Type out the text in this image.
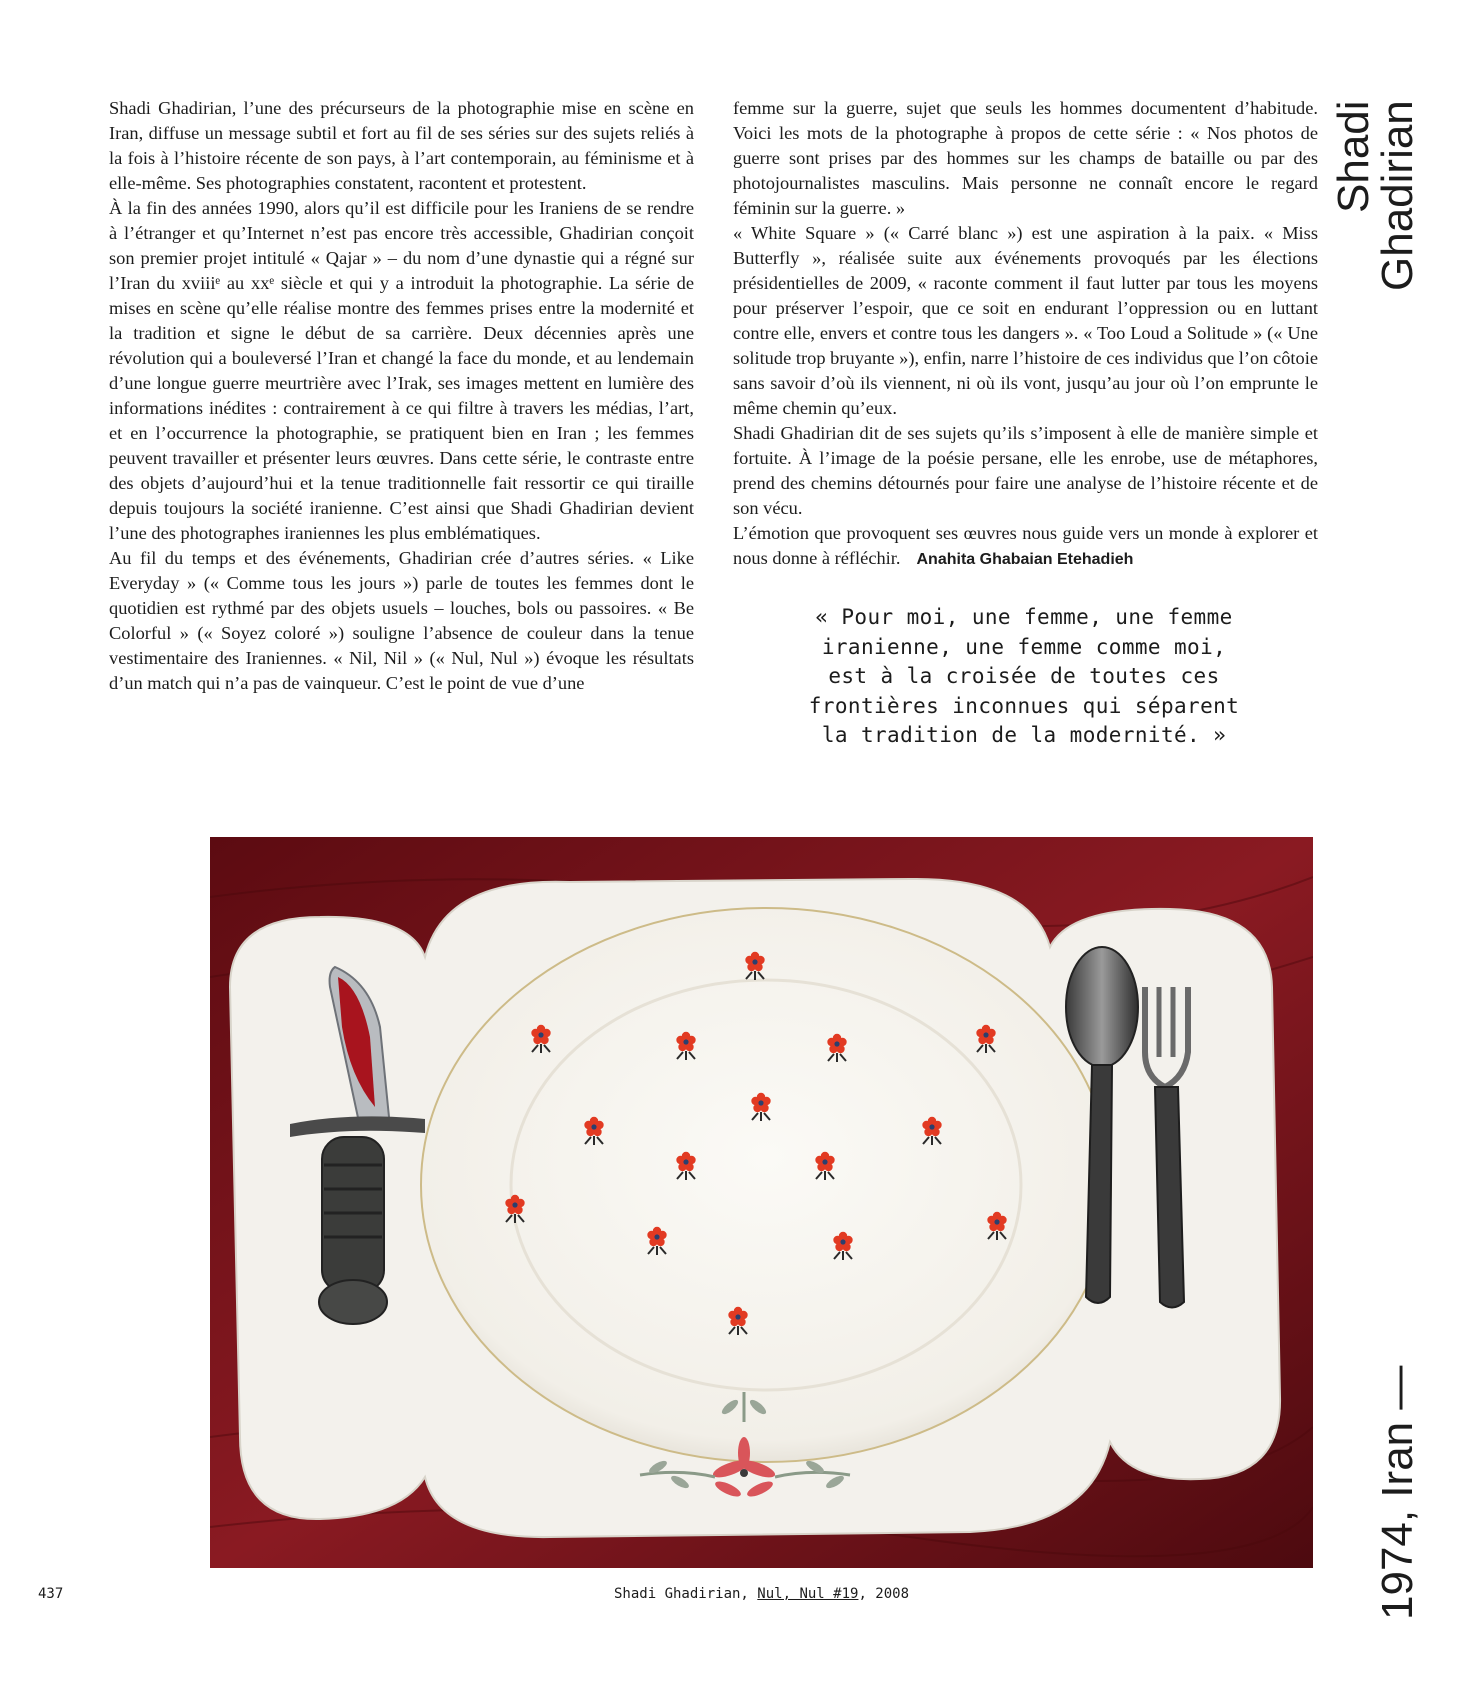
Shadi Ghadirian, l’une des précurseurs de la photographie mise en scène en Iran, diffuse un message subtil et fort au fil de ses séries sur des sujets reliés à la fois à l’histoire récente de son pays, à l’art contemporain, au féminisme et à elle-même. Ses photographies constatent, racontent et protestent.

À la fin des années 1990, alors qu’il est difficile pour les Iraniens de se rendre à l’étranger et qu’Internet n’est pas encore très accessible, Ghadirian conçoit son premier projet intitulé « Qajar » – du nom d’une dynastie qui a régné sur l’Iran du xviiiᵉ au xxᵉ siècle et qui y a introduit la photographie. La série de mises en scène qu’elle réalise montre des femmes prises entre la modernité et la tradition et signe le début de sa carrière. Deux décennies après une révolution qui a bouleversé l’Iran et changé la face du monde, et au lendemain d’une longue guerre meurtrière avec l’Irak, ses images mettent en lumière des informations inédites : contrairement à ce qui filtre à travers les médias, l’art, et en l’occurrence la photographie, se pratiquent bien en Iran ; les femmes peuvent travailler et présenter leurs œuvres. Dans cette série, le contraste entre des objets d’aujourd’hui et la tenue traditionnelle fait ressortir ce qui tiraille depuis toujours la société iranienne. C’est ainsi que Shadi Ghadirian devient l’une des photographes iraniennes les plus emblématiques.

Au fil du temps et des événements, Ghadirian crée d’autres séries. « Like Everyday » (« Comme tous les jours ») parle de toutes les femmes dont le quotidien est rythmé par des objets usuels – louches, bols ou passoires. « Be Colorful » (« Soyez coloré ») souligne l’absence de couleur dans la tenue vestimentaire des Iraniennes. « Nil, Nil » (« Nul, Nul ») évoque les résultats d’un match qui n’a pas de vainqueur. C’est le point de vue d’une

femme sur la guerre, sujet que seuls les hommes documentent d’habitude. Voici les mots de la photographe à propos de cette série : « Nos photos de guerre sont prises par des hommes sur les champs de bataille ou par des photojournalistes masculins. Mais personne ne connaît encore le regard féminin sur la guerre. »

« White Square » (« Carré blanc ») est une aspiration à la paix. « Miss Butterfly », réalisée suite aux événements provoqués par les élections présidentielles de 2009, « raconte comment il faut lutter par tous les moyens pour préserver l’espoir, que ce soit en endurant l’oppression ou en luttant contre elle, envers et contre tous les dangers ». « Too Loud a Solitude » (« Une solitude trop bruyante »), enfin, narre l’histoire de ces individus que l’on côtoie sans savoir d’où ils viennent, ni où ils vont, jusqu’au jour où l’on emprunte le même chemin qu’eux.

Shadi Ghadirian dit de ses sujets qu’ils s’imposent à elle de manière simple et fortuite. À l’image de la poésie persane, elle les enrobe, use de métaphores, prend des chemins détournés pour faire une analyse de l’histoire récente et de son vécu.

L’émotion que provoquent ses œuvres nous guide vers un monde à explorer et nous donne à réfléchir. Anahita Ghabaian Etehadieh

« Pour moi, une femme, une femme
iranienne, une femme comme moi,
est à la croisée de toutes ces
frontières inconnues qui séparent
la tradition de la modernité. »
Shadi Ghadirian
1974, Iran —
437	Shadi Ghadirian, Nul, Nul #19, 2008
